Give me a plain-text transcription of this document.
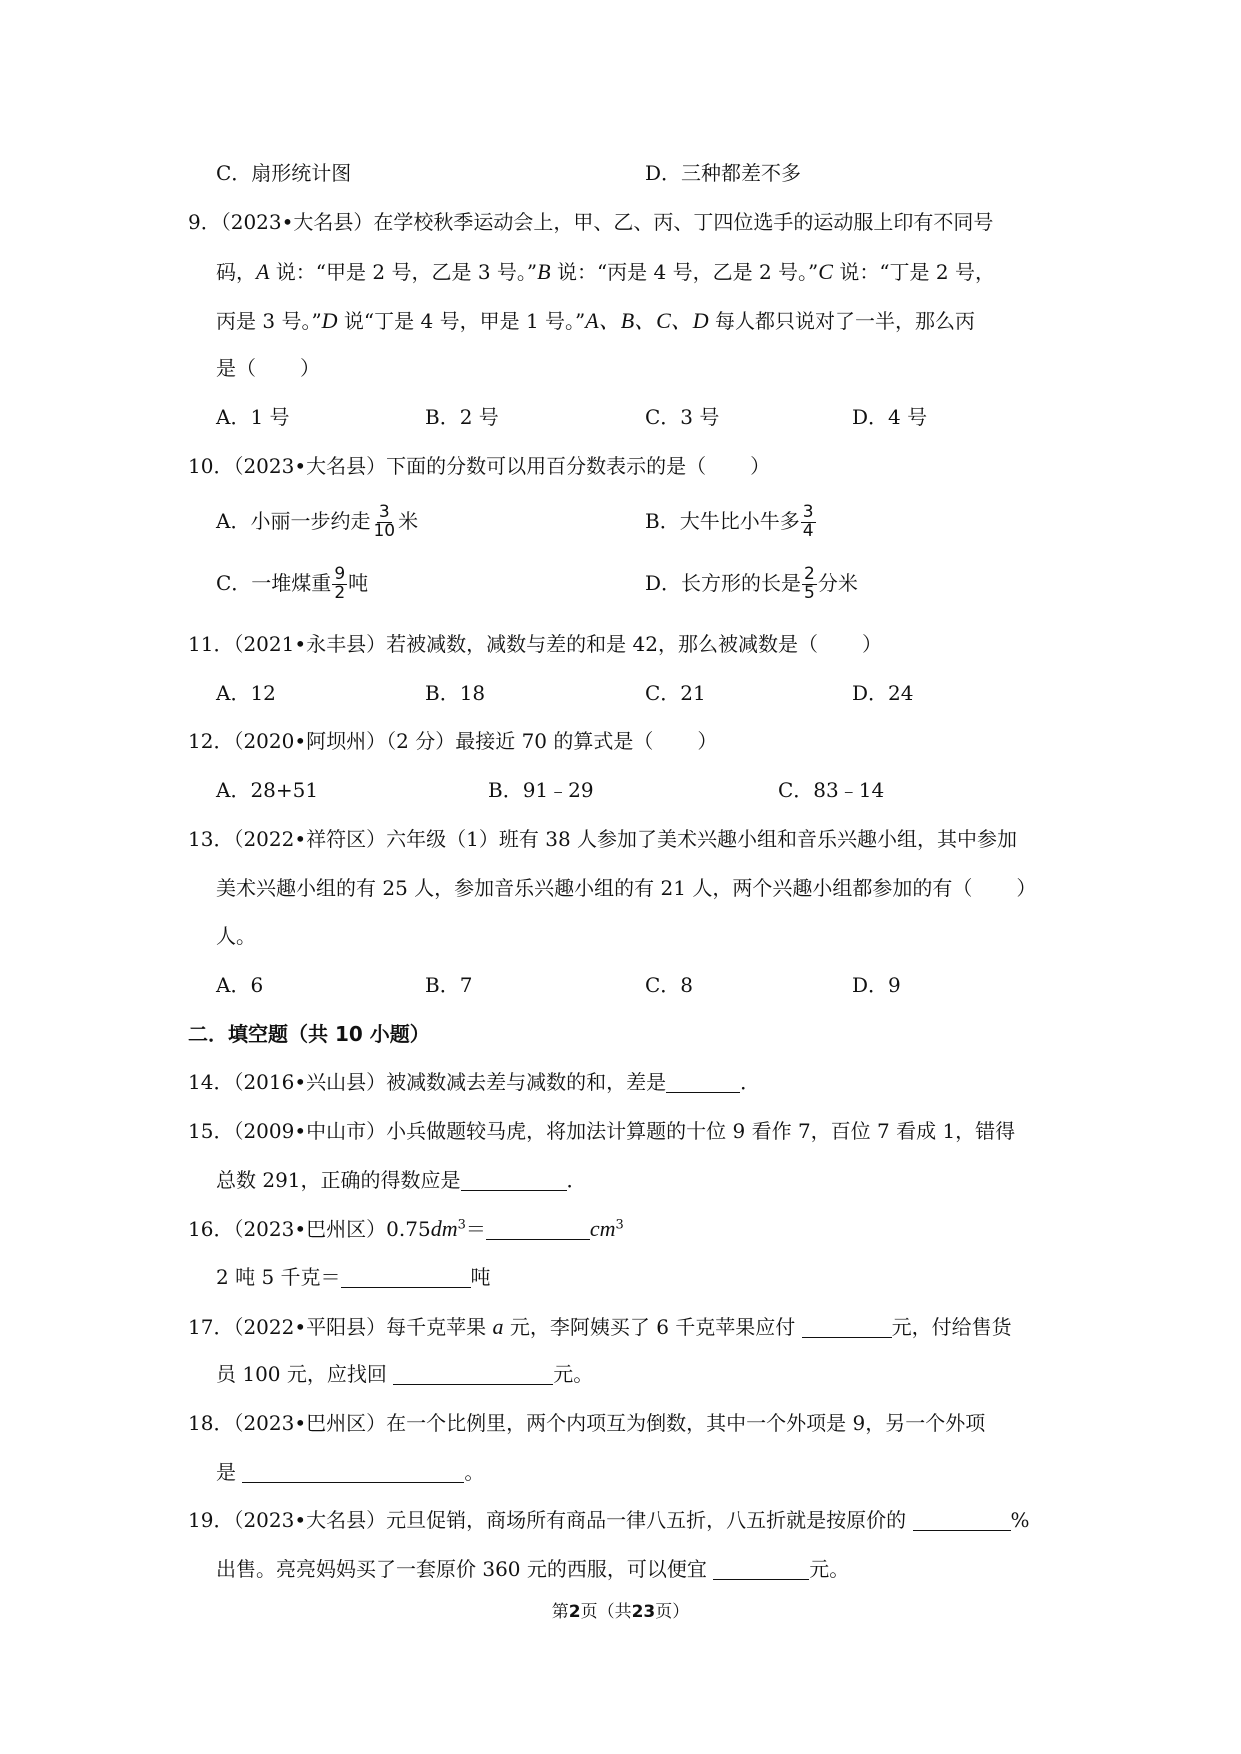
C．扇形统计图	D．三种都差不多
9．（2023•大名县）在学校秋季运动会上，甲、乙、丙、丁四位选手的运动服上印有不同号
码，A 说：“甲是 2 号，乙是 3 号。”B 说：“丙是 4 号，乙是 2 号。”C 说：“丁是 2 号，
丙是 3 号。”D 说“丁是 4 号，甲是 1 号。”A、B、C、D 每人都只说对了一半，那么丙
是（ ）
A．1 号	B．2 号	C．3 号	D．4 号
10．（2023•大名县）下面的分数可以用百分数表示的是（ ）
A．小丽一步约走 $\frac{3}{10}$ 米	B．大牛比小牛多 $\frac{3}{4}$
C．一堆煤重 $\frac{9}{2}$ 吨	D．长方形的长是 $\frac{2}{5}$ 分米
11．（2021•永丰县）若被减数，减数与差的和是 42，那么被减数是（ ）
A．12	B．18	C．21	D．24
12．（2020•阿坝州）（2 分）最接近 70 的算式是（ ）
A．28+51	B．91﹣29	C．83﹣14
13．（2022•祥符区）六年级（1）班有 38 人参加了美术兴趣小组和音乐兴趣小组，其中参加
美术兴趣小组的有 25 人，参加音乐兴趣小组的有 21 人，两个兴趣小组都参加的有（ ）
人。
A．6	B．7	C．8	D．9
二．填空题（共 10 小题）
14．（2016•兴山县）被减数减去差与减数的和，差是	．
15．（2009•中山市）小兵做题较马虎，将加法计算题的十位 9 看作 7，百位 7 看成 1，错得
总数 291，正确的得数应是	．
16．（2023•巴州区）$0.75dm^3=$	$cm^3$
2 吨 5 千克＝	吨
17．（2022•平阳县）每千克苹果 a 元，李阿姨买了 6 千克苹果应付	元，付给售货
员 100 元，应找回	元。
18．（2023•巴州区）在一个比例里，两个内项互为倒数，其中一个外项是 9，另一个外项
是	。
19．（2023•大名县）元旦促销，商场所有商品一律八五折，八五折就是按原价的	%
出售。亮亮妈妈买了一套原价 360 元的西服，可以便宜	元。
第2页（共23页）
